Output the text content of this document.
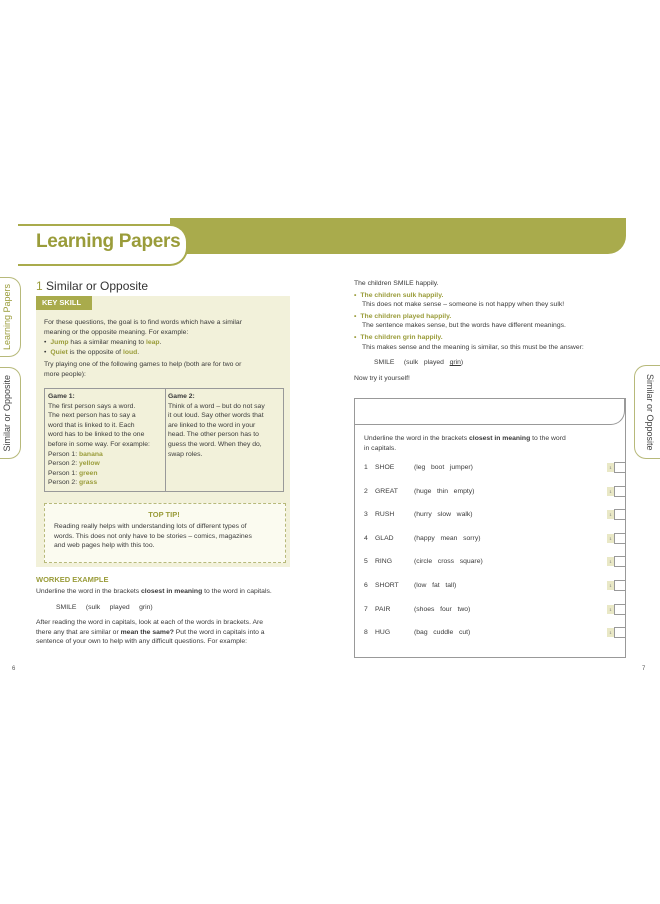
Learning Papers
Learning Papers
Similar or Opposite	Similar or Opposite
1 Similar or Opposite
KEY SKILL
For these questions, the goal is to find words which have a similar
meaning or the opposite meaning. For example:
• Jump has a similar meaning to leap.
• Quiet is the opposite of loud.
Try playing one of the following games to help (both are for two or
more people):
Game 1:
The first person says a word.
The next person has to say a
word that is linked to it. Each
word has to be linked to the one
before in some way. For example:
Person 1: banana
Person 2: yellow
Person 1: green
Person 2: grass
Game 2:
Think of a word – but do not say
it out loud. Say other words that
are linked to the word in your
head. The other person has to
guess the word. When they do,
swap roles.
TOP TIP!
Reading really helps with understanding lots of different types of
words. This does not only have to be stories – comics, magazines
and web pages help with this too.
WORKED EXAMPLE
Underline the word in the brackets closest in meaning to the word in capitals.
SMILE     (sulk     played     grin)
After reading the word in capitals, look at each of the words in brackets. Are
there any that are similar or mean the same? Put the word in capitals into a
sentence of your own to help with any difficult questions. For example:
The children SMILE happily.
• The children sulk happily.
This does not make sense – someone is not happy when they sulk!
• The children played happily.
The sentence makes sense, but the words have different meanings.
• The children grin happily.
This makes sense and the meaning is similar, so this must be the answer:
SMILE (sulk   played   grin)
Now try it yourself!
Underline the word in the brackets closest in meaning to the word
in capitals.
1 SHOE	(leg   boot   jumper)	1
2 GREAT (huge   thin   empty)	1
3 RUSH	(hurry   slow   walk)	1
4 GLAD	(happy   mean   sorry)	1
5 RING	(circle   cross   square)	1
6 SHORT (low   fat   tall)	1
7 PAIR	(shoes   four   two)	1
8 HUG	(bag   cuddle   cut)	1
6	7
